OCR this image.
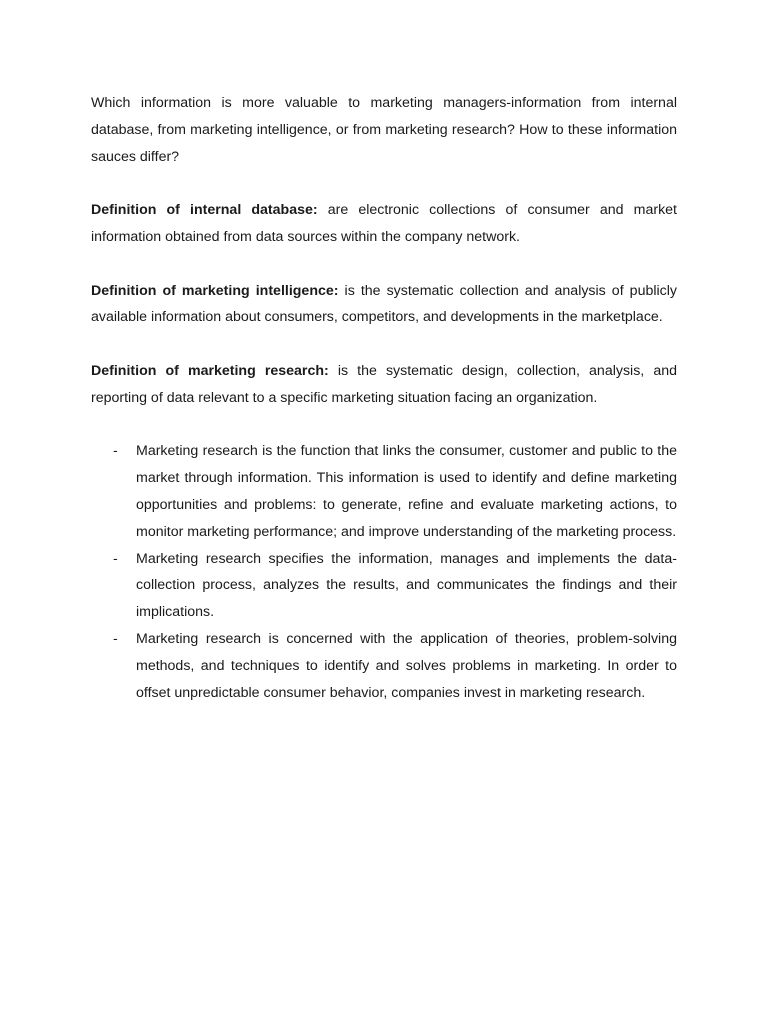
Which information is more valuable to marketing managers-information from internal database, from marketing intelligence, or from marketing research? How to these information sauces differ?

Definition of internal database: are electronic collections of consumer and market information obtained from data sources within the company network.

Definition of marketing intelligence: is the systematic collection and analysis of publicly available information about consumers, competitors, and developments in the marketplace.

Definition of marketing research: is the systematic design, collection, analysis, and reporting of data relevant to a specific marketing situation facing an organization.

- Marketing research is the function that links the consumer, customer and public to the market through information. This information is used to identify and define marketing opportunities and problems: to generate, refine and evaluate marketing actions, to monitor marketing performance; and improve understanding of the marketing process.
- Marketing research specifies the information, manages and implements the data-collection process, analyzes the results, and communicates the findings and their implications.
- Marketing research is concerned with the application of theories, problem-solving methods, and techniques to identify and solves problems in marketing. In order to offset unpredictable consumer behavior, companies invest in marketing research.
